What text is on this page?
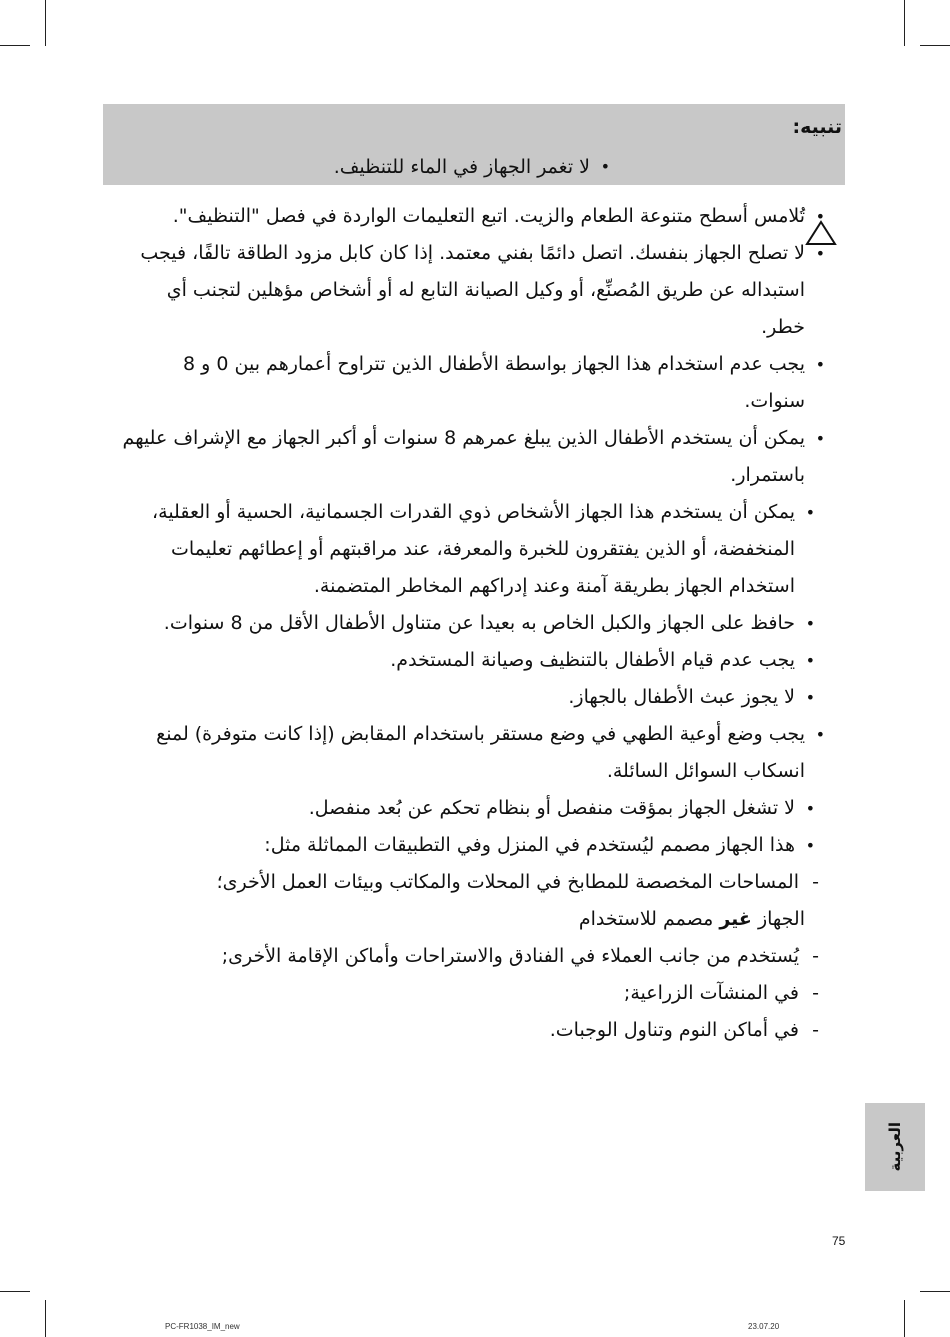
تنبيه:
• لا تغمر الجهاز في الماء للتنظيف.
• تُلامس أسطح متنوعة الطعام والزيت. اتبع التعليمات الواردة في فصل "التنظيف".
• لا تصلح الجهاز بنفسك. اتصل دائمًا بفني معتمد. إذا كان كابل مزود الطاقة تالفًا، فيجب استبداله عن طريق المُصنِّع، أو وكيل الصيانة التابع له أو أشخاص مؤهلين لتجنب أي خطر.
• يجب عدم استخدام هذا الجهاز بواسطة الأطفال الذين تتراوح أعمارهم بين 0 و 8 سنوات.
• يمكن أن يستخدم الأطفال الذين يبلغ عمرهم 8 سنوات أو أكبر الجهاز مع الإشراف عليهم باستمرار.
• يمكن أن يستخدم هذا الجهاز الأشخاص ذوي القدرات الجسمانية، الحسية أو العقلية، المنخفضة، أو الذين يفتقرون للخبرة والمعرفة، عند مراقبتهم أو إعطائهم تعليمات استخدام الجهاز بطريقة آمنة وعند إدراكهم المخاطر المتضمنة.
• حافظ على الجهاز والكبل الخاص به بعيدا عن متناول الأطفال الأقل من 8 سنوات.
• يجب عدم قيام الأطفال بالتنظيف وصيانة المستخدم.
• لا يجوز عبث الأطفال بالجهاز.
• يجب وضع أوعية الطهي في وضع مستقر باستخدام المقابض (إذا كانت متوفرة) لمنع انسكاب السوائل السائلة.
• لا تشغل الجهاز بمؤقت منفصل أو بنظام تحكم عن بُعد منفصل.
• هذا الجهاز مصمم ليُستخدم في المنزل وفي التطبيقات المماثلة مثل:
- المساحات المخصصة للمطابخ في المحلات والمكاتب وبيئات العمل الأخرى؛
الجهاز غير مصمم للاستخدام
- يُستخدم من جانب العملاء في الفنادق والاستراحات وأماكن الإقامة الأخرى;
- في المنشآت الزراعية;
- في أماكن النوم وتناول الوجبات.
العربية
75
PC-FR1038_IM_new	23.07.20
